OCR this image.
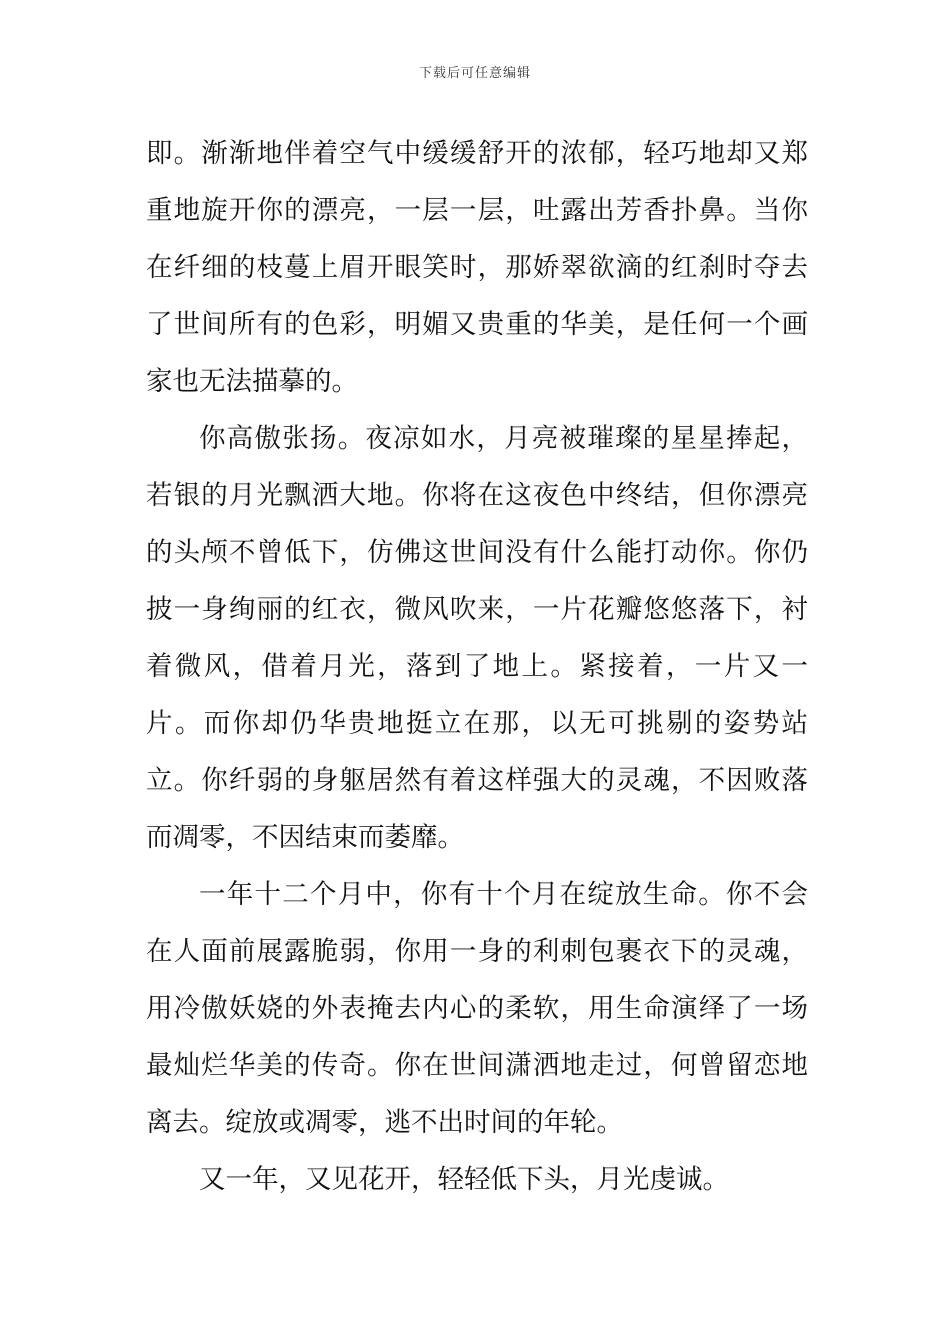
下载后可任意编辑

即。渐渐地伴着空气中缓缓舒开的浓郁，轻巧地却又郑重地旋开你的漂亮，一层一层，吐露出芳香扑鼻。当你在纤细的枝蔓上眉开眼笑时，那娇翠欲滴的红刹时夺去了世间所有的色彩，明媚又贵重的华美，是任何一个画家也无法描摹的。

你高傲张扬。夜凉如水，月亮被璀璨的星星捧起，若银的月光飘洒大地。你将在这夜色中终结，但你漂亮的头颅不曾低下，仿佛这世间没有什么能打动你。你仍披一身绚丽的红衣，微风吹来，一片花瓣悠悠落下，衬着微风，借着月光，落到了地上。紧接着，一片又一片。而你却仍华贵地挺立在那，以无可挑剔的姿势站立。你纤弱的身躯居然有着这样强大的灵魂，不因败落而凋零，不因结束而萎靡。

一年十二个月中，你有十个月在绽放生命。你不会在人面前展露脆弱，你用一身的利刺包裹衣下的灵魂，用冷傲妖娆的外表掩去内心的柔软，用生命演绎了一场最灿烂华美的传奇。你在世间潇洒地走过，何曾留恋地离去。绽放或凋零，逃不出时间的年轮。

又一年，又见花开，轻轻低下头，月光虔诚。
